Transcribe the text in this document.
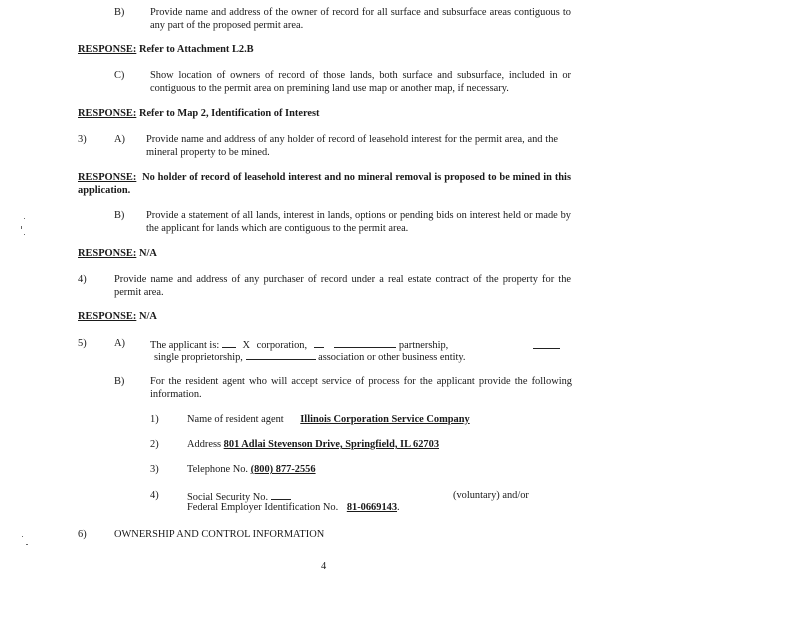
B) Provide name and address of the owner of record for all surface and subsurface areas contiguous to any part of the proposed permit area.
RESPONSE: Refer to Attachment L2.B
C) Show location of owners of record of those lands, both surface and subsurface, included in or contiguous to the permit area on premining land use map or another map, if necessary.
RESPONSE: Refer to Map 2, Identification of Interest
3)	A) Provide name and address of any holder of record of leasehold interest for the permit area, and the mineral property to be mined.
RESPONSE: No holder of record of leasehold interest and no mineral removal is proposed to be mined in this application.
B) Provide a statement of all lands, interest in lands, options or pending bids on interest held or made by the applicant for lands which are contiguous to the permit area.
RESPONSE: N/A
4)	Provide name and address of any purchaser of record under a real estate contract of the property for the permit area.
RESPONSE: N/A
5)	A) The applicant is: X corporation,	partnership,
single proprietorship,	association or other business entity.
B) For the resident agent who will accept service of process for the applicant provide the following information.
1)	Name of resident agent Illinois Corporation Service Company
2)	Address 801 Adlai Stevenson Drive, Springfield, IL 62703
3)	Telephone No. (800) 877-2556
4)	Social Security No.	(voluntary) and/or
Federal Employer Identification No. 81-0669143.
6)	OWNERSHIP AND CONTROL INFORMATION
4
